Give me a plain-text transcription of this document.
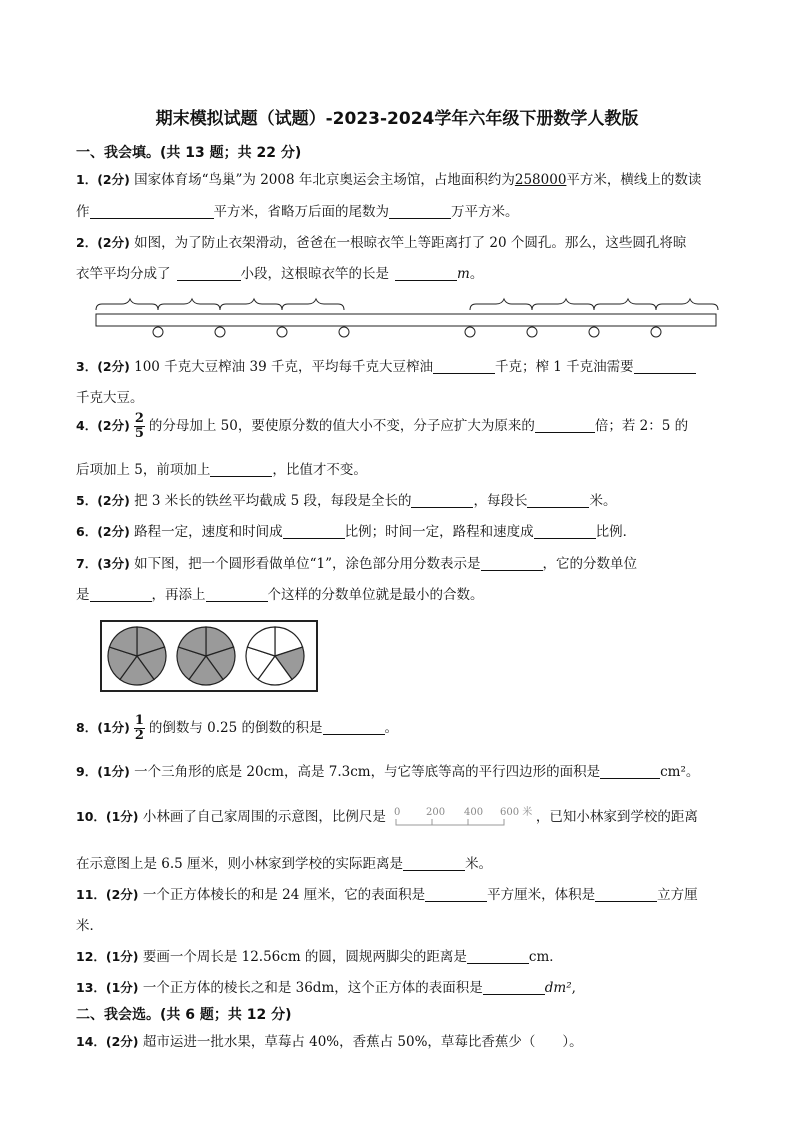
期末模拟试题（试题）-2023-2024学年六年级下册数学人教版
一、我会填。(共 13 题；共 22 分)
1．(2分) 国家体育场“鸟巢”为 2008 年北京奥运会主场馆，占地面积约为258000平方米，横线上的数读
作	平方米，省略万后面的尾数为	万平方米。
2．(2分) 如图，为了防止衣架滑动，爸爸在一根晾衣竿上等距离打了 20 个圆孔。那么，这些圆孔将晾
衣竿平均分成了	小段，这根晾衣竿的长是	m。
3．(2分) 100 千克大豆榨油 39 千克，平均每千克大豆榨油	千克；榨 1 千克油需要
千克大豆。
4．(2分) $\frac{2}{5}$ 的分母加上 50，要使原分数的值大小不变，分子应扩大为原来的	倍；若 2：5 的
后项加上 5，前项加上	，比值才不变。
5．(2分) 把 3 米长的铁丝平均截成 5 段，每段是全长的	，每段长	米。
6．(2分) 路程一定，速度和时间成	比例；时间一定，路程和速度成	比例．
7．(3分) 如下图，把一个圆形看做单位“1”，涂色部分用分数表示是	，它的分数单位
是	，再添上	个这样的分数单位就是最小的合数。
8．(1分) $\frac{1}{2}$ 的倒数与 0.25 的倒数的积是	。
9．(1分) 一个三角形的底是 20cm，高是 7.3cm，与它等底等高的平行四边形的面积是	cm²。
10．(1分) 小林画了自己家周围的示意图，比例尺是 0	200 400 600 米 ，已知小林家到学校的距离
在示意图上是 6.5 厘米，则小林家到学校的实际距离是	米。
11．(2分) 一个正方体棱长的和是 24 厘米，它的表面积是	平方厘米，体积是	立方厘
米．
12．(1分) 要画一个周长是 12.56cm 的圆，圆规两脚尖的距离是	cm．
13．(1分) 一个正方体的棱长之和是 36dm，这个正方体的表面积是	dm²,
二、我会选。(共 6 题；共 12 分)
14．(2分) 超市运进一批水果，草莓占 40%，香蕉占 50%，草莓比香蕉少（　　）。
